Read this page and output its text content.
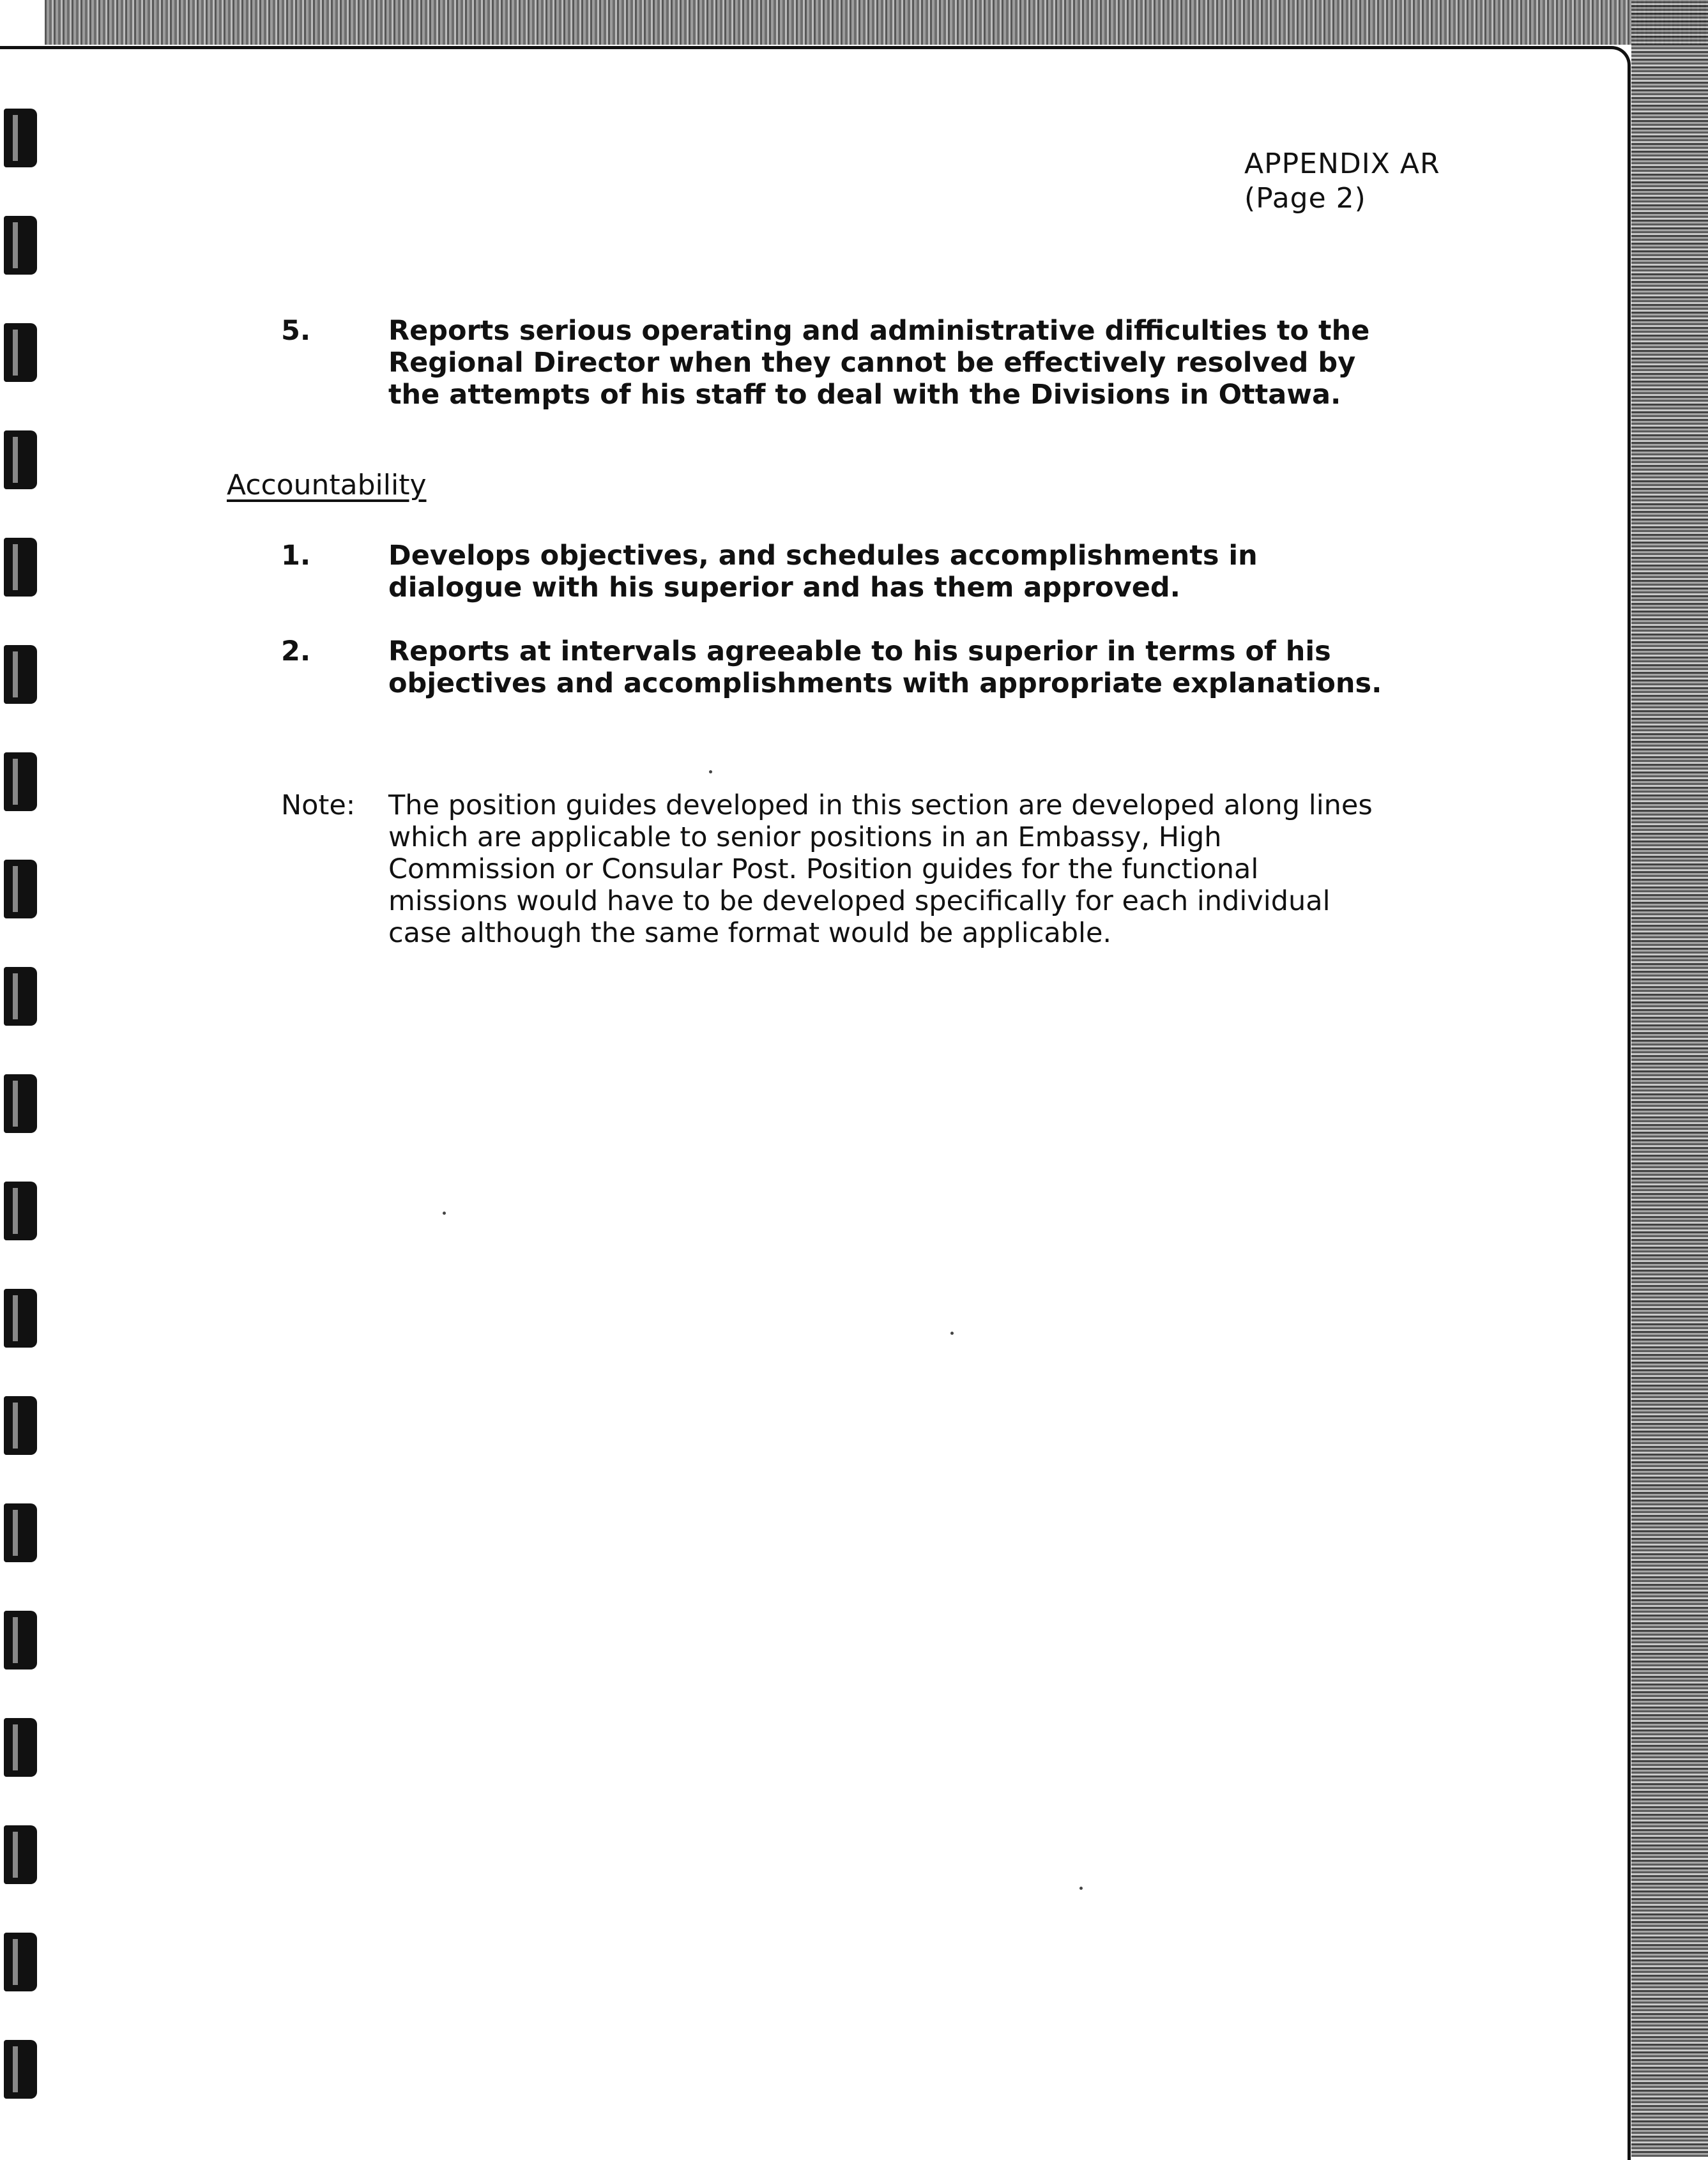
APPENDIX AR
(Page 2)
5.	Reports serious operating and administrative difficulties to the Regional Director when they cannot be effectively resolved by the attempts of his staff to deal with the Divisions in Ottawa.
Accountability
1.	Develops objectives, and schedules accomplishments in dialogue with his superior and has them approved.
2.	Reports at intervals agreeable to his superior in terms of his objectives and accomplishments with appropriate explanations.
Note: The position guides developed in this section are developed along lines which are applicable to senior positions in an Embassy, High Commission or Consular Post. Position guides for the functional missions would have to be developed specifically for each individual case although the same format would be applicable.
